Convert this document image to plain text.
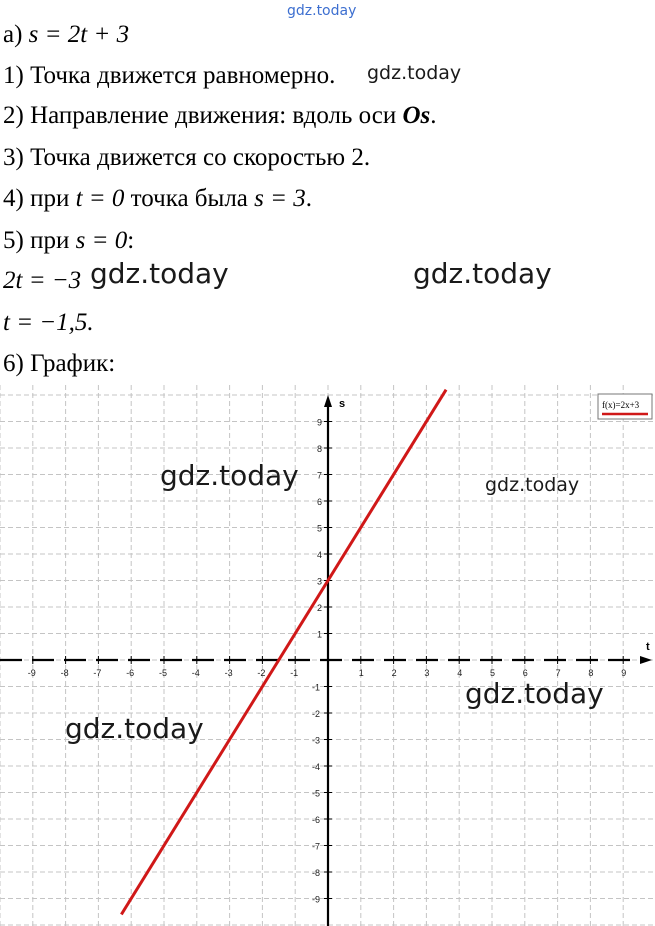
gdz.today
а) s = 2t + 3
1) Точка движется равномерно.
2) Направление движения: вдоль оси Os.
3) Точка движется со скоростью 2.
4) при t = 0 точка была s = 3.
5) при s = 0:
2t = −3
t = −1,5.
6) График:
t
s
-9	-8	-7	-6	-5	-4	-3	-2	-1	1	2	3	4	5	6	7	8	9
9
8
7
6
5
4
3
2
1
-1
-2
-3
-4
-5
-6
-7
-8
-9
f(x)=2x+3
gdz.today	gdz.today
gdz.today
gdz.today	gdz.today
gdz.today
gdz.today
